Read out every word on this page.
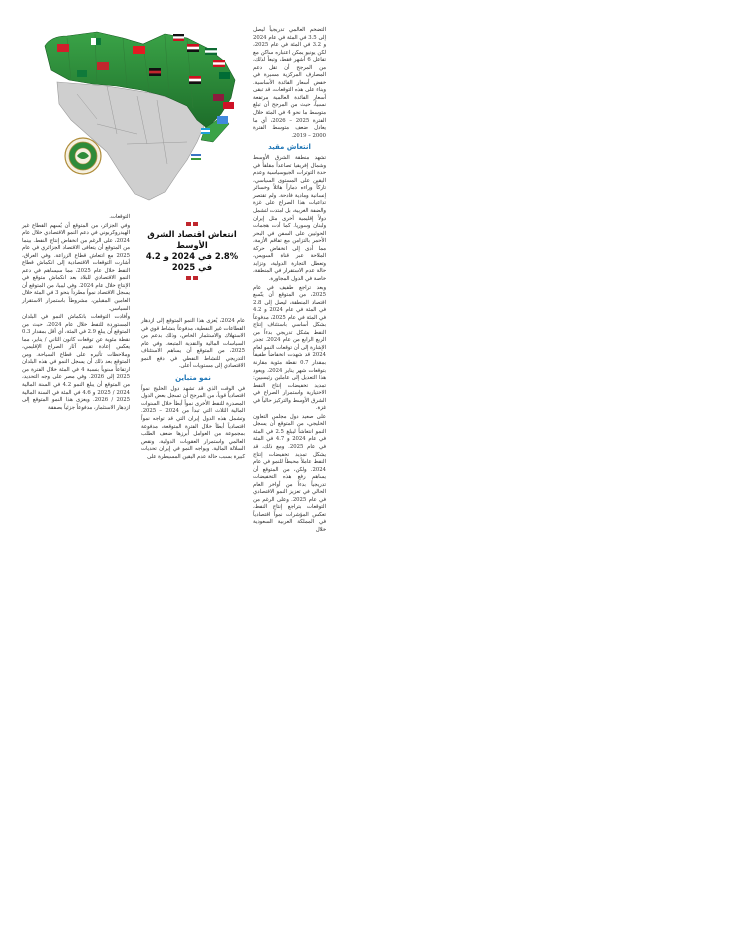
التضخم العالمي تدريجياً ليصل إلى 3.5 في المئة في عام 2024 و 3.2 في المئة في عام 2025، لكن يونيو يمكن اعتباره ساكن مع تفاعل 6 أشهر فقط، وتبعاً لذلك، من المرجح أن تقل دعم المصارف المركزية مسيرة في خفض أسعار الفائدة الأساسية. وبناء على هذه التوقعات، قد تبقى أسعار الفائدة العالمية مرتفعة نسبياً، حيث من المرجح أن تبلغ متوسط ما نحو 4 في المئة خلال الفترة 2025 – 2026، أي ما يعادل ضعف متوسط الفترة 2000 – 2019.

انتعاش مقيد

تشهد منطقة الشرق الأوسط وشمال إفريقيا تصاعداً مقلقاً في حدة التوترات الجيوسياسية وعدم اليقين على المستوى السياسي، تاركاً وراءه دماراً هائلاً وخسائر إنسانية ومادية فادحة. ولم تقتصر تداعيات هذا الصراع على غزة والضفة الغربية، بل امتدت لتشمل دولاً إقليمية أخرى مثل إيران ولبنان وسوريا. كما أدت هجمات الحوثيين على السفن في البحر الأحمر بالتزامن مع تفاقم الأزمة، مما أدى إلى انخفاض حركة الملاحة عبر قناة السويس، وتعطل التجارة الدولية، وتزايد حالة عدم الاستقرار في المنطقة، خاصة في الدول المجاورة.

وبعد تراجع طفيف في عام 2025، من المتوقع أن يتّسع اقتصاد المنطقة، ليصل إلى 2.8 في المئة في عام 2024 و 4.2 في المئة في عام 2025، مدفوعاً بشكل أساسي باستئناف إنتاج النفط بشكل تدريجي بدءاً من الربع الرابع من عام 2024. تجدر الإشارة إلى أن توقعات النمو لعام 2024 قد شهدت انخفاضاً طفيفاً بمقدار 0.7 نقطة مئوية مقارنة بتوقعات شهر يناير 2024، ويعود هذا التعديل إلى عاملين رئيسيين: تمديد تخفيضات إنتاج النفط الاختيارية واستمرار الصراع في الشرق الأوسط والتركيز حالياً في غزة.

على صعيد دول مجلس التعاون الخليجي، من المتوقع أن يسجل النمو انتعاشاً ليبلغ 2.5 في المئة في عام 2024 و 4.7 في المئة في عام 2025. ومع ذلك، قد يشكل تمديد تخفيضات إنتاج النفط عاملاً محبطاً للنمو في عام 2024. ولكن، من المتوقع أن يساهم رفع هذه التخفيضات تدريجياً بدءاً من أواخر العام الحالي في تعزيز النمو الاقتصادي في عام 2025. وعلى الرغم من التوقعات بتراجع إنتاج النفط، تعكس المؤشرات نمواً اقتصادياً في المملكة العربية السعودية خلال

انتعاش اقتصاد الشرق الأوسط
2.8% في 2024 و 4.2 في 2025

عام 2024، يُعزى هذا النمو المتوقع إلى ازدهار القطاعات غير النفطية، مدفوعاً بنشاط قوي في الاستهلاك والاستثمار الخاص، وذلك بدعم من السياسات المالية والنقدية المتبعة. وفي عام 2025، من المتوقع أن يساهم الاستئناف التدريجي للنشاط النفطي في دفع النمو الاقتصادي إلى مستويات أعلى.

نمو متباين

في الوقت الذي قد تشهد دول الخليج نمواً اقتصادياً قوياً، من المرجح أن تسجل بعض الدول المصدرة للنفط الأخرى نمواً أبطأ خلال السنوات المالية الثلاث التي تبدأ من 2024 – 2025. وتشمل هذه الدول إيران التي قد تواجه نمواً اقتصادياً أبطأ خلال الفترة المتوقعة، مدفوعة بمجموعة من العوامل أبرزها ضعف الطلب العالمي واستمرار العقوبات الدولية، ونقص السلالة المالية. ويواجه النمو في إيران تحديات كبيرة بسبب حالة عدم اليقين المسيطرة على

التوقعات.

وفي الجزائر، من المتوقع أن يُسهم القطاع غير الهيدروكربوني في دعم النمو الاقتصادي خلال عام 2024، على الرغم من انخفاض إنتاج النفط. بينما من المتوقع أن يتعافى الاقتصاد الجزائري في عام 2025 مع انتعاش قطاع الزراعة. وفي العراق، أشارت التوقعات الاقتصادية إلى انكماش قطاع النفط خلال عام 2025، مما سيساهم في دعم النمو الاقتصادي للبلاد بعد انكماش متوقع في الإنتاج خلال عام 2024. وفي ليبيا، من المتوقع أن يسجل الاقتصاد نمواً مطرداً بنحو 3 في المئة خلال العامين المقبلين، مشروطاً باستمرار الاستقرار السياسي.

وأفادت التوقعات بانكماش النمو في البلدان المستوردة للنفط خلال عام 2024، حيث من المتوقع أن يبلغ 2.9 في المئة، أي أقل بمقدار 0.3 نقطة مئوية عن توقعات كانون الثاني / يناير، مما يعكس إعادة تقييم آثار الصراع الإقليمي، وملاحظات تأثيره على قطاع السياحة. ومن المتوقع بعد ذلك أن يسجل النمو في هذه البلدان ارتفاعاً سنوياً بنسبة 4 في المئة خلال الفترة من 2025 إلى 2026. وفي مصر على وجه التحديد، من المتوقع أن يبلغ النمو 4.2 في السنة المالية 2024 / 2025 و 4.6 في المئة في السنة المالية 2025 / 2026. ويعزى هذا النمو المتوقع إلى ازدهار الاستثمار، مدفوعاً جزئياً بصفقة
